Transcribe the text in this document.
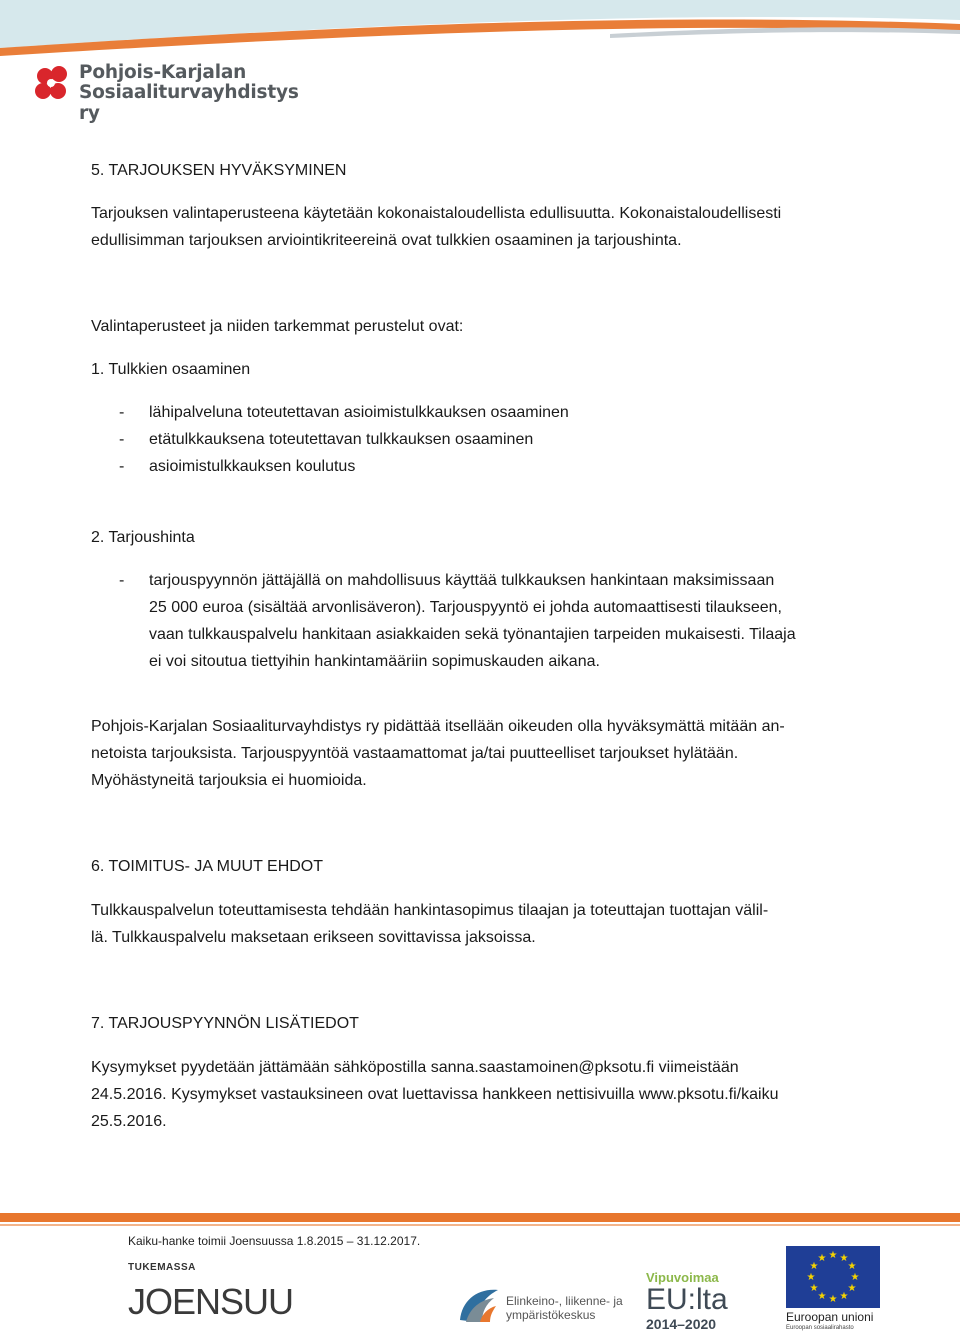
Pohjois-Karjalan
Sosiaaliturvayhdistys ry
5. TARJOUKSEN HYVÄKSYMINEN
Tarjouksen valintaperusteena käytetään kokonaistaloudellista edullisuutta. Kokonaistaloudellisesti
edullisimman tarjouksen arviointikriteereinä ovat tulkkien osaaminen ja tarjoushinta.
Valintaperusteet ja niiden tarkemmat perustelut ovat:
1. Tulkkien osaaminen
- lähipalveluna toteutettavan asioimistulkkauksen osaaminen
- etätulkkauksena toteutettavan tulkkauksen osaaminen
- asioimistulkkauksen koulutus
2. Tarjoushinta
- tarjouspyynnön jättäjällä on mahdollisuus käyttää tulkkauksen hankintaan maksimissaan
25 000 euroa (sisältää arvonlisäveron). Tarjouspyyntö ei johda automaattisesti tilaukseen,
vaan tulkkauspalvelu hankitaan asiakkaiden sekä työnantajien tarpeiden mukaisesti. Tilaaja
ei voi sitoutua tiettyihin hankintamääriin sopimuskauden aikana.
Pohjois-Karjalan Sosiaaliturvayhdistys ry pidättää itsellään oikeuden olla hyväksymättä mitään an-
netoista tarjouksista. Tarjouspyyntöä vastaamattomat ja/tai puutteelliset tarjoukset hylätään.
Myöhästyneitä tarjouksia ei huomioida.
6. TOIMITUS- JA MUUT EHDOT
Tulkkauspalvelun toteuttamisesta tehdään hankintasopimus tilaajan ja toteuttajan tuottajan välil-
lä. Tulkkauspalvelu maksetaan erikseen sovittavissa jaksoissa.
7. TARJOUSPYYNNÖN LISÄTIEDOT
Kysymykset pyydetään jättämään sähköpostilla sanna.saastamoinen@pksotu.fi viimeistään
24.5.2016. Kysymykset vastauksineen ovat luettavissa hankkeen nettisivuilla www.pksotu.fi/kaiku
25.5.2016.
Kaiku-hanke toimii Joensuussa 1.8.2015 – 31.12.2017.
TUKEMASSA
JOENSUU	Elinkeino-, liikenne- ja
ympäristökeskus
Vipuvoimaa
EU:lta
2014–2020
★ ★
★
★
★
★
★
★
★
★
★
★
Euroopan unioni
Euroopan sosiaalirahasto
